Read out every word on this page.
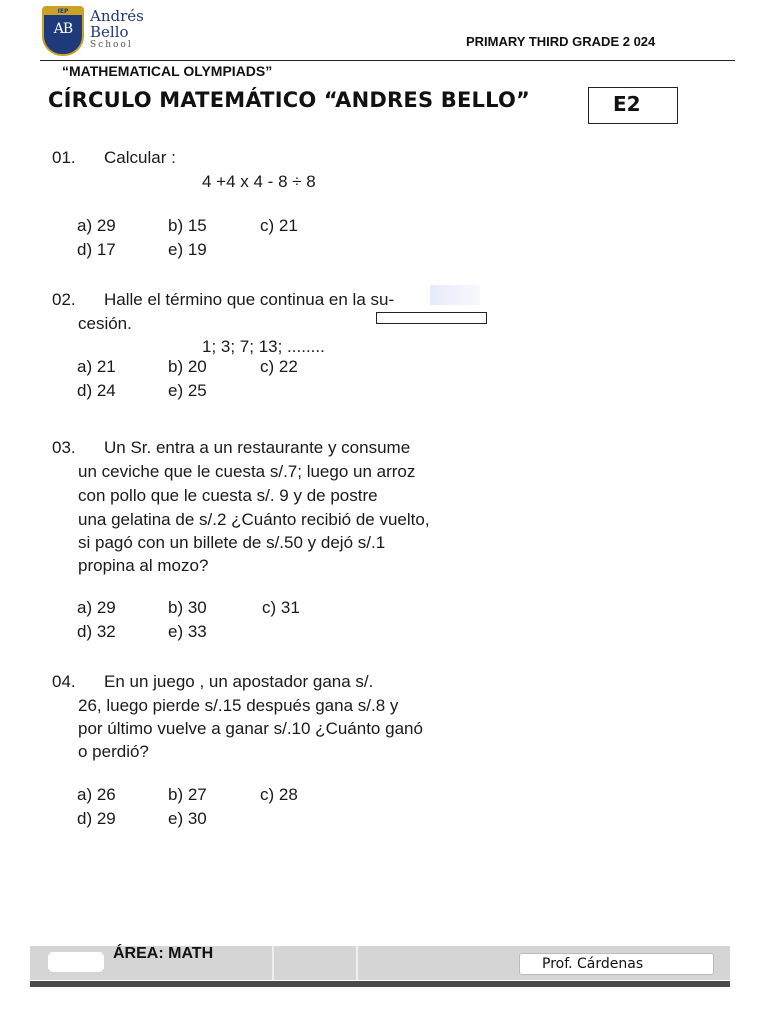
IEP
AB
Andrés
Bello
School	PRIMARY THIRD GRADE 2 024
“MATHEMATICAL OLYMPIADS”
CÍRCULO MATEMÁTICO “ANDRES BELLO”	E2
01. Calcular :
4 +4 x 4 - 8 ÷ 8
a) 29	b) 15	c) 21
d) 17	e) 19
02. Halle el término que continua en la su-
cesión.
1; 3; 7; 13; ........
a) 21	b) 20	c) 22
d) 24	e) 25
03. Un Sr. entra a un restaurante y consume
un ceviche que le cuesta s/.7; luego un arroz
con pollo que le cuesta s/. 9 y de postre
una gelatina de s/.2 ¿Cuánto recibió de vuelto,
si pagó con un billete de s/.50 y dejó s/.1
propina al mozo?
a) 29	b) 30	c) 31
d) 32	e) 33
04. En un juego , un apostador gana s/.
26, luego pierde s/.15 después gana s/.8 y
por último vuelve a ganar s/.10 ¿Cuánto ganó
o perdió?
a) 26	b) 27	c) 28
d) 29	e) 30
ÁREA: MATH
Prof. Cárdenas
